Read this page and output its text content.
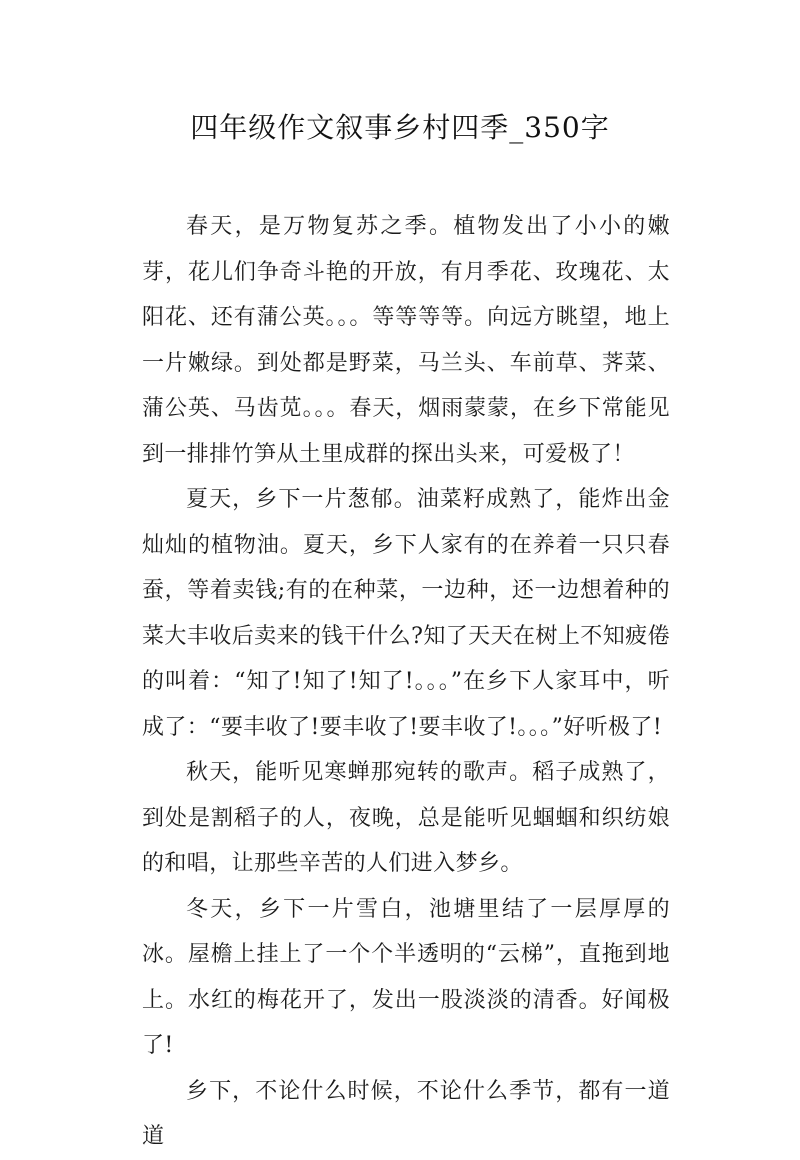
四年级作文叙事乡村四季_350字

春天，是万物复苏之季。植物发出了小小的嫩芽，花儿们争奇斗艳的开放，有月季花、玫瑰花、太阳花、还有蒲公英。。。等等等等。向远方眺望，地上一片嫩绿。到处都是野菜，马兰头、车前草、荠菜、蒲公英、马齿苋。。。春天，烟雨蒙蒙，在乡下常能见到一排排竹笋从土里成群的探出头来，可爱极了！

夏天，乡下一片葱郁。油菜籽成熟了，能炸出金灿灿的植物油。夏天，乡下人家有的在养着一只只春蚕，等着卖钱;有的在种菜，一边种，还一边想着种的菜大丰收后卖来的钱干什么?知了天天在树上不知疲倦的叫着：“知了!知了!知了!。。。”在乡下人家耳中，听成了：“要丰收了!要丰收了!要丰收了!。。。”好听极了!

秋天，能听见寒蝉那宛转的歌声。稻子成熟了，到处是割稻子的人，夜晚，总是能听见蝈蝈和织纺娘的和唱，让那些辛苦的人们进入梦乡。

冬天，乡下一片雪白，池塘里结了一层厚厚的冰。屋檐上挂上了一个个半透明的“云梯”，直拖到地上。水红的梅花开了，发出一股淡淡的清香。好闻极了!

乡下，不论什么时候，不论什么季节，都有一道道
